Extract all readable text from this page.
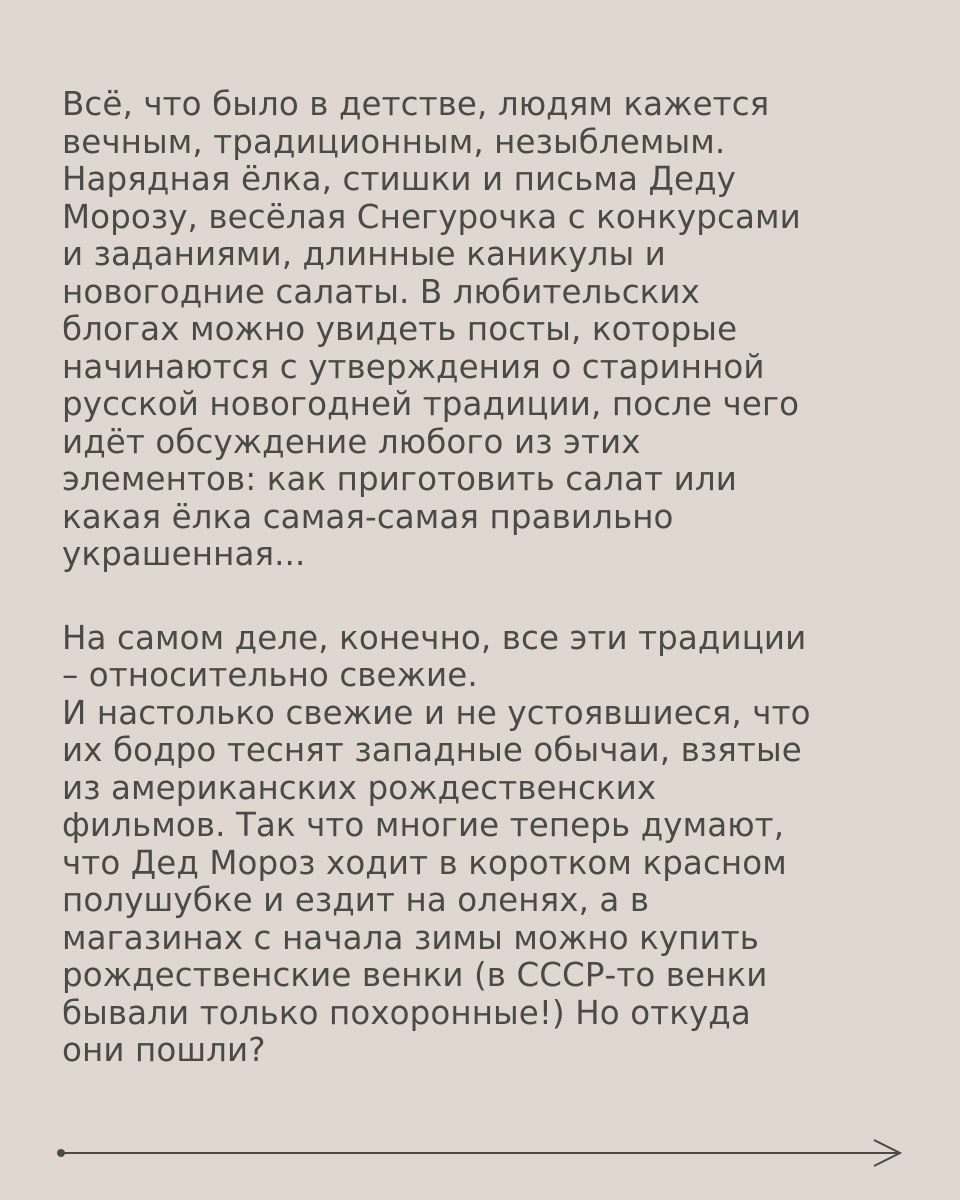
Всё, что было в детстве, людям кажется
вечным, традиционным, незыблемым.
Нарядная ёлка, стишки и письма Деду
Морозу, весёлая Снегурочка с конкурсами
и заданиями, длинные каникулы и
новогодние салаты. В любительских
блогах можно увидеть посты, которые
начинаются с утверждения о старинной
русской новогодней традиции, после чего
идёт обсуждение любого из этих
элементов: как приготовить салат или
какая ёлка самая-самая правильно
украшенная...
На самом деле, конечно, все эти традиции
– относительно свежие.
И настолько свежие и не устоявшиеся, что
их бодро теснят западные обычаи, взятые
из американских рождественских
фильмов. Так что многие теперь думают,
что Дед Мороз ходит в коротком красном
полушубке и ездит на оленях, а в
магазинах с начала зимы можно купить
рождественские венки (в СССР-то венки
бывали только похоронные!) Но откуда
они пошли?
